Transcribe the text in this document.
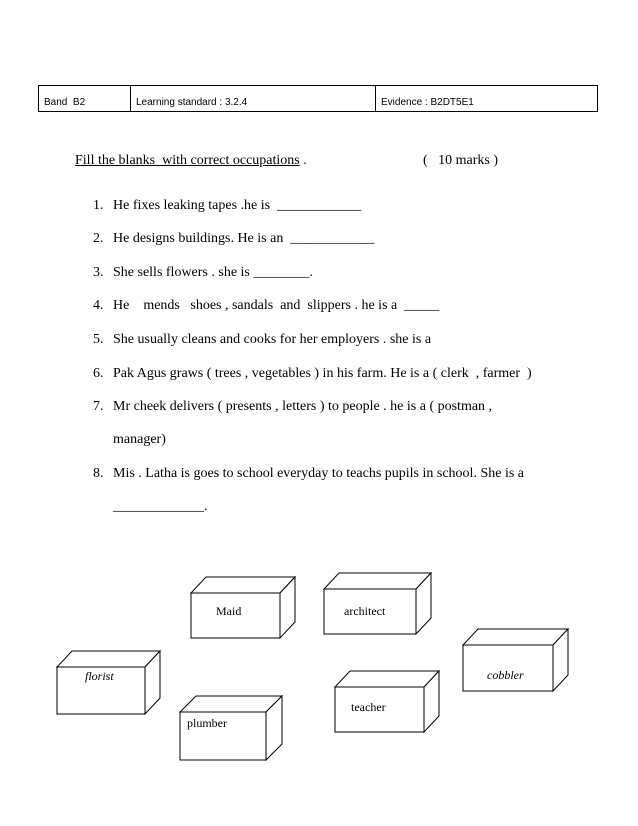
Band  B2	Learning standard : 3.2.4	Evidence : B2DT5E1
Fill the blanks  with correct occupations .	(   10 marks )
1. He fixes leaking tapes .he is  ____________
2. He designs buildings. He is an  ____________
3. She sells flowers . she is ________.
4. He    mends   shoes , sandals  and  slippers . he is a  _____
5. She usually cleans and cooks for her employers . she is a
6. Pak Agus graws ( trees , vegetables ) in his farm. He is a ( clerk  , farmer  )
7. Mr cheek delivers ( presents , letters ) to people . he is a ( postman ,
manager)
8. Mis . Latha is goes to school everyday to teachs pupils in school. She is a
_____________.
Maid	architect
florist	cobbler
teacher
plumber
